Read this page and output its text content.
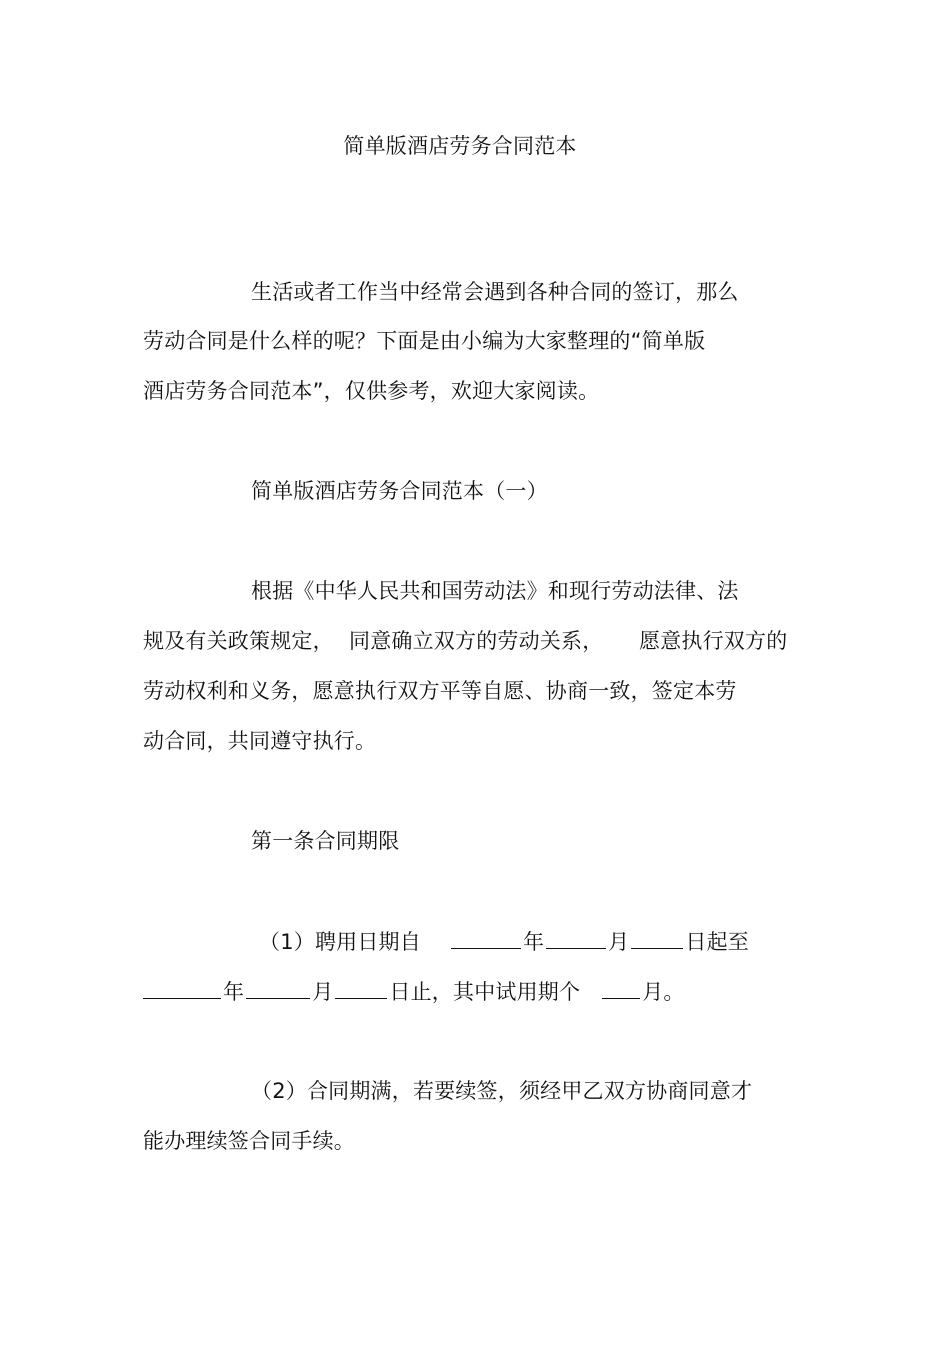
简单版酒店劳务合同范本
生活或者工作当中经常会遇到各种合同的签订，那么
劳动合同是什么样的呢？下面是由小编为大家整理的“简单版
酒店劳务合同范本”，仅供参考，欢迎大家阅读。
简单版酒店劳务合同范本（一）
根据《中华人民共和国劳动法》和现行劳动法律、法
规及有关政策规定， 同意确立双方的劳动关系， 愿意执行双方的
劳动权利和义务，愿意执行双方平等自愿、协商一致，签定本劳
动合同，共同遵守执行。
第一条合同期限
（1）聘用日期自	年	月	日起至
年	月	日止，其中试用期个	月。
（2）合同期满，若要续签，须经甲乙双方协商同意才
能办理续签合同手续。
